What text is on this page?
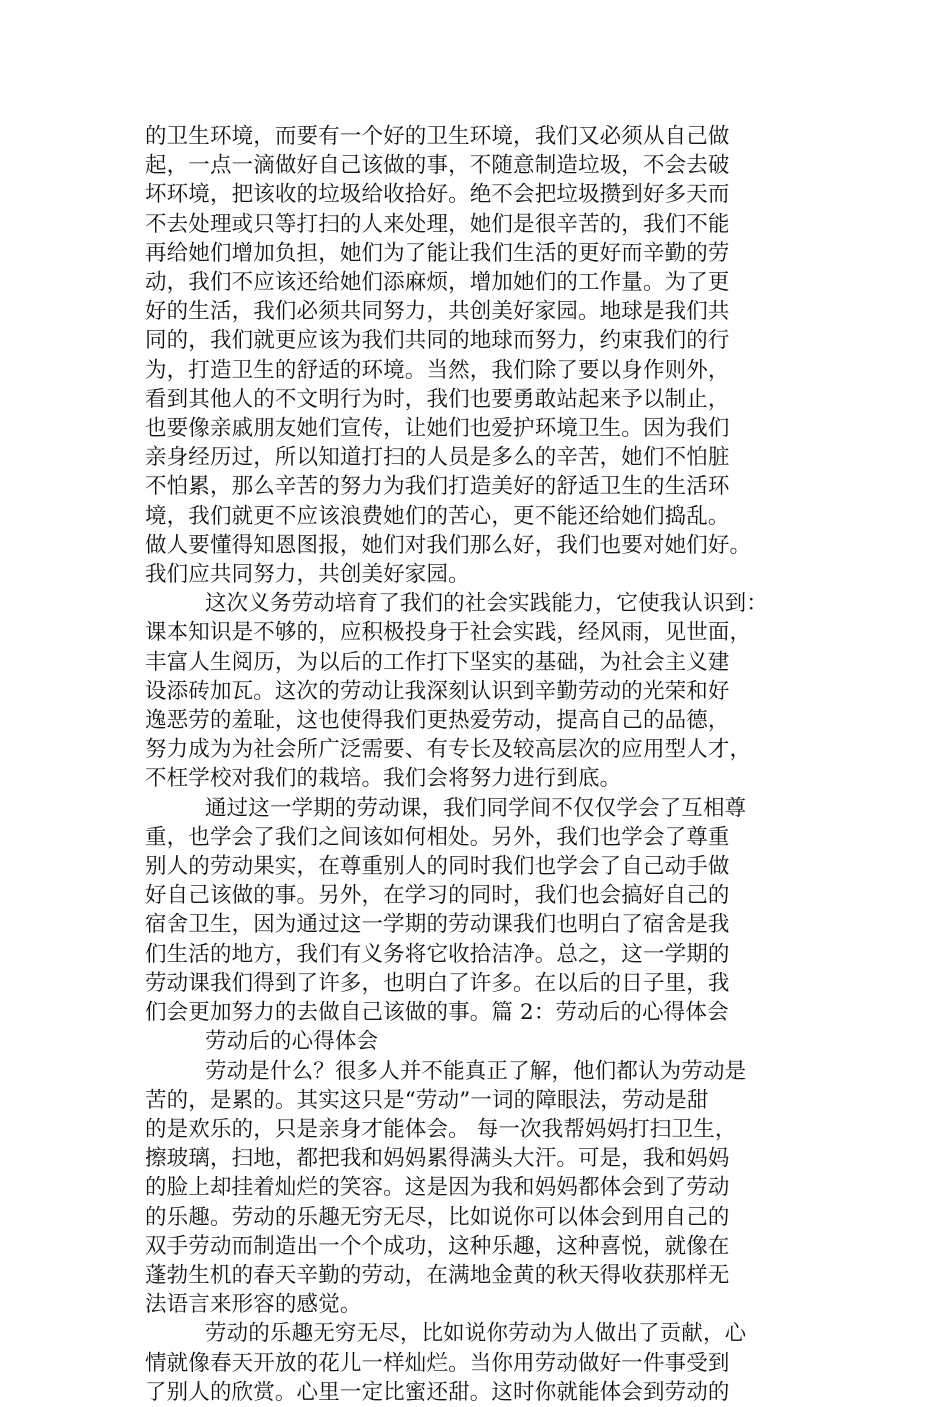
的卫生环境，而要有一个好的卫生环境，我们又必须从自己做
起，一点一滴做好自己该做的事，不随意制造垃圾，不会去破
坏环境，把该收的垃圾给收拾好。绝不会把垃圾攒到好多天而
不去处理或只等打扫的人来处理，她们是很辛苦的，我们不能
再给她们增加负担，她们为了能让我们生活的更好而辛勤的劳
动，我们不应该还给她们添麻烦，增加她们的工作量。为了更
好的生活，我们必须共同努力，共创美好家园。地球是我们共
同的，我们就更应该为我们共同的地球而努力，约束我们的行
为，打造卫生的舒适的环境。当然，我们除了要以身作则外，
看到其他人的不文明行为时，我们也要勇敢站起来予以制止，
也要像亲戚朋友她们宣传，让她们也爱护环境卫生。因为我们
亲身经历过，所以知道打扫的人员是多么的辛苦，她们不怕脏
不怕累，那么辛苦的努力为我们打造美好的舒适卫生的生活环
境，我们就更不应该浪费她们的苦心，更不能还给她们捣乱。
做人要懂得知恩图报，她们对我们那么好，我们也要对她们好。
我们应共同努力，共创美好家园。
这次义务劳动培育了我们的社会实践能力，它使我认识到：
课本知识是不够的，应积极投身于社会实践，经风雨，见世面，
丰富人生阅历，为以后的工作打下坚实的基础，为社会主义建
设添砖加瓦。这次的劳动让我深刻认识到辛勤劳动的光荣和好
逸恶劳的羞耻，这也使得我们更热爱劳动，提高自己的品德，
努力成为为社会所广泛需要、有专长及较高层次的应用型人才，
不枉学校对我们的栽培。我们会将努力进行到底。
通过这一学期的劳动课，我们同学间不仅仅学会了互相尊
重，也学会了我们之间该如何相处。另外，我们也学会了尊重
别人的劳动果实，在尊重别人的同时我们也学会了自己动手做
好自己该做的事。另外，在学习的同时，我们也会搞好自己的
宿舍卫生，因为通过这一学期的劳动课我们也明白了宿舍是我
们生活的地方，我们有义务将它收拾洁净。总之，这一学期的
劳动课我们得到了许多，也明白了许多。在以后的日子里，我
们会更加努力的去做自己该做的事。篇 2：劳动后的心得体会
劳动后的心得体会
劳动是什么？很多人并不能真正了解，他们都认为劳动是
苦的，是累的。其实这只是“劳动”一词的障眼法，劳动是甜
的是欢乐的，只是亲身才能体会。 每一次我帮妈妈打扫卫生，
擦玻璃，扫地，都把我和妈妈累得满头大汗。可是，我和妈妈
的脸上却挂着灿烂的笑容。这是因为我和妈妈都体会到了劳动
的乐趣。劳动的乐趣无穷无尽，比如说你可以体会到用自己的
双手劳动而制造出一个个成功，这种乐趣，这种喜悦，就像在
蓬勃生机的春天辛勤的劳动，在满地金黄的秋天得收获那样无
法语言来形容的感觉。
劳动的乐趣无穷无尽，比如说你劳动为人做出了贡献，心
情就像春天开放的花儿一样灿烂。当你用劳动做好一件事受到
了别人的欣赏。心里一定比蜜还甜。这时你就能体会到劳动的
